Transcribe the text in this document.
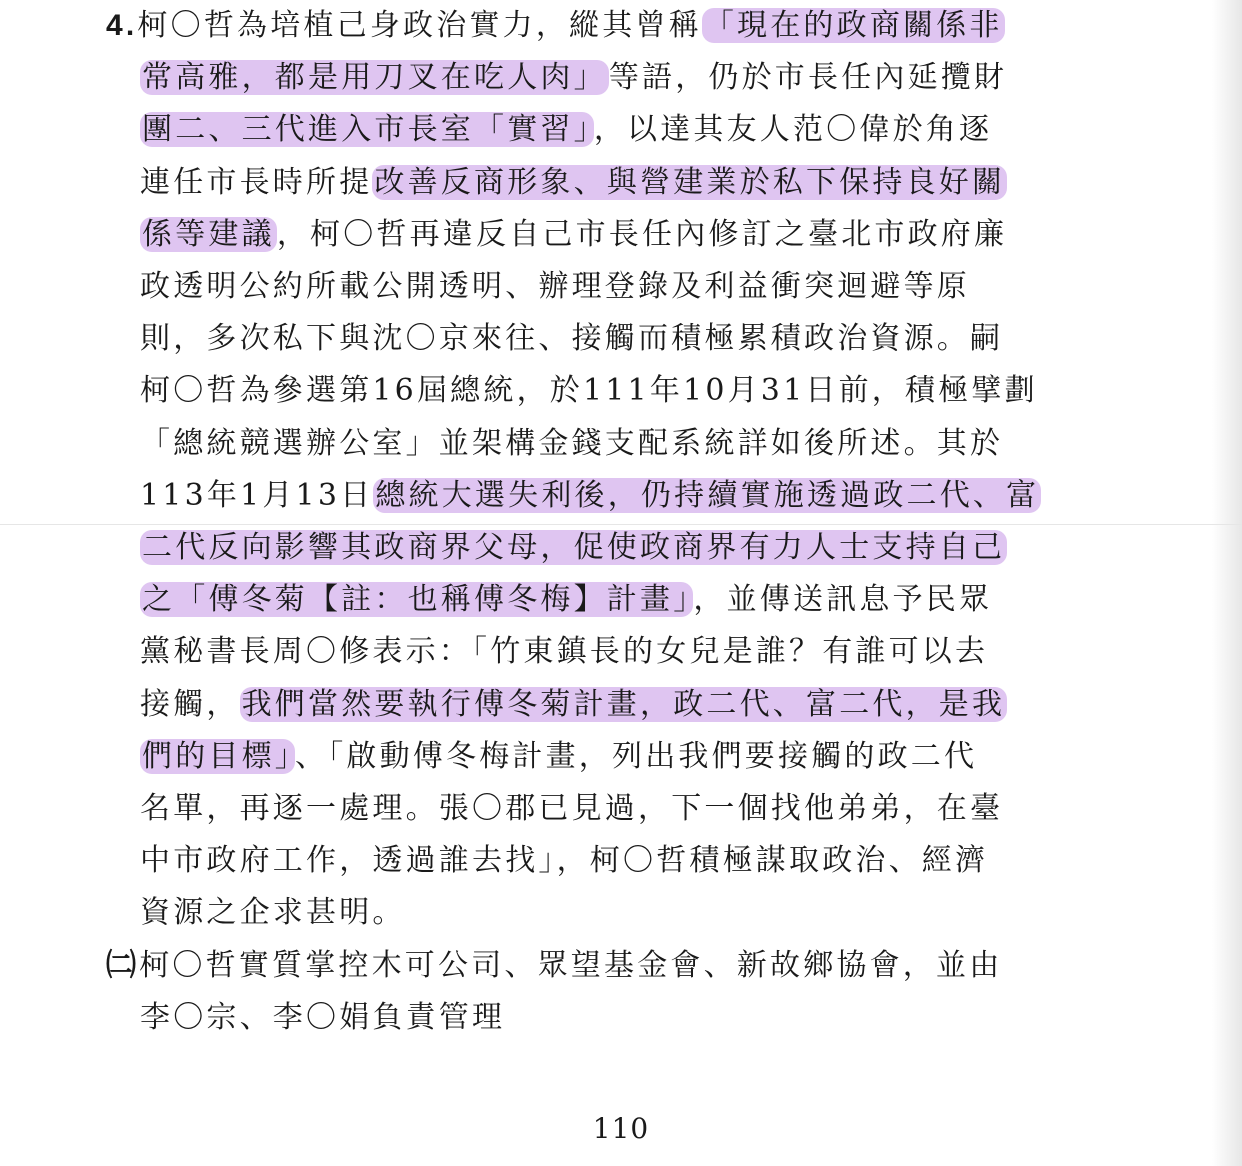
4.柯〇哲為培植己身政治實力，縱其曾稱「現在的政商關係非
常高雅，都是用刀叉在吃人肉」等語，仍於市長任內延攬財
團二、三代進入市長室「實習」，以達其友人范〇偉於角逐
連任市長時所提改善反商形象、與營建業於私下保持良好關
係等建議，柯〇哲再違反自己市長任內修訂之臺北市政府廉
政透明公約所載公開透明、辦理登錄及利益衝突迴避等原
則，多次私下與沈〇京來往、接觸而積極累積政治資源。嗣
柯〇哲為參選第16屆總統，於111年10月31日前，積極擘劃
「總統競選辦公室」並架構金錢支配系統詳如後所述。其於
113年1月13日總統大選失利後，仍持續實施透過政二代、富
二代反向影響其政商界父母，促使政商界有力人士支持自己
之「傅冬菊【註：也稱傅冬梅】計畫」，並傳送訊息予民眾
黨秘書長周〇修表示：「竹東鎮長的女兒是誰？有誰可以去
接觸，我們當然要執行傅冬菊計畫，政二代、富二代，是我
們的目標」、「啟動傅冬梅計畫，列出我們要接觸的政二代
名單，再逐一處理。張〇郡已見過，下一個找他弟弟，在臺
中市政府工作，透過誰去找」，柯〇哲積極謀取政治、經濟
資源之企求甚明。
㈡柯〇哲實質掌控木可公司、眾望基金會、新故鄉協會，並由
李〇宗、李〇娟負責管理
110
